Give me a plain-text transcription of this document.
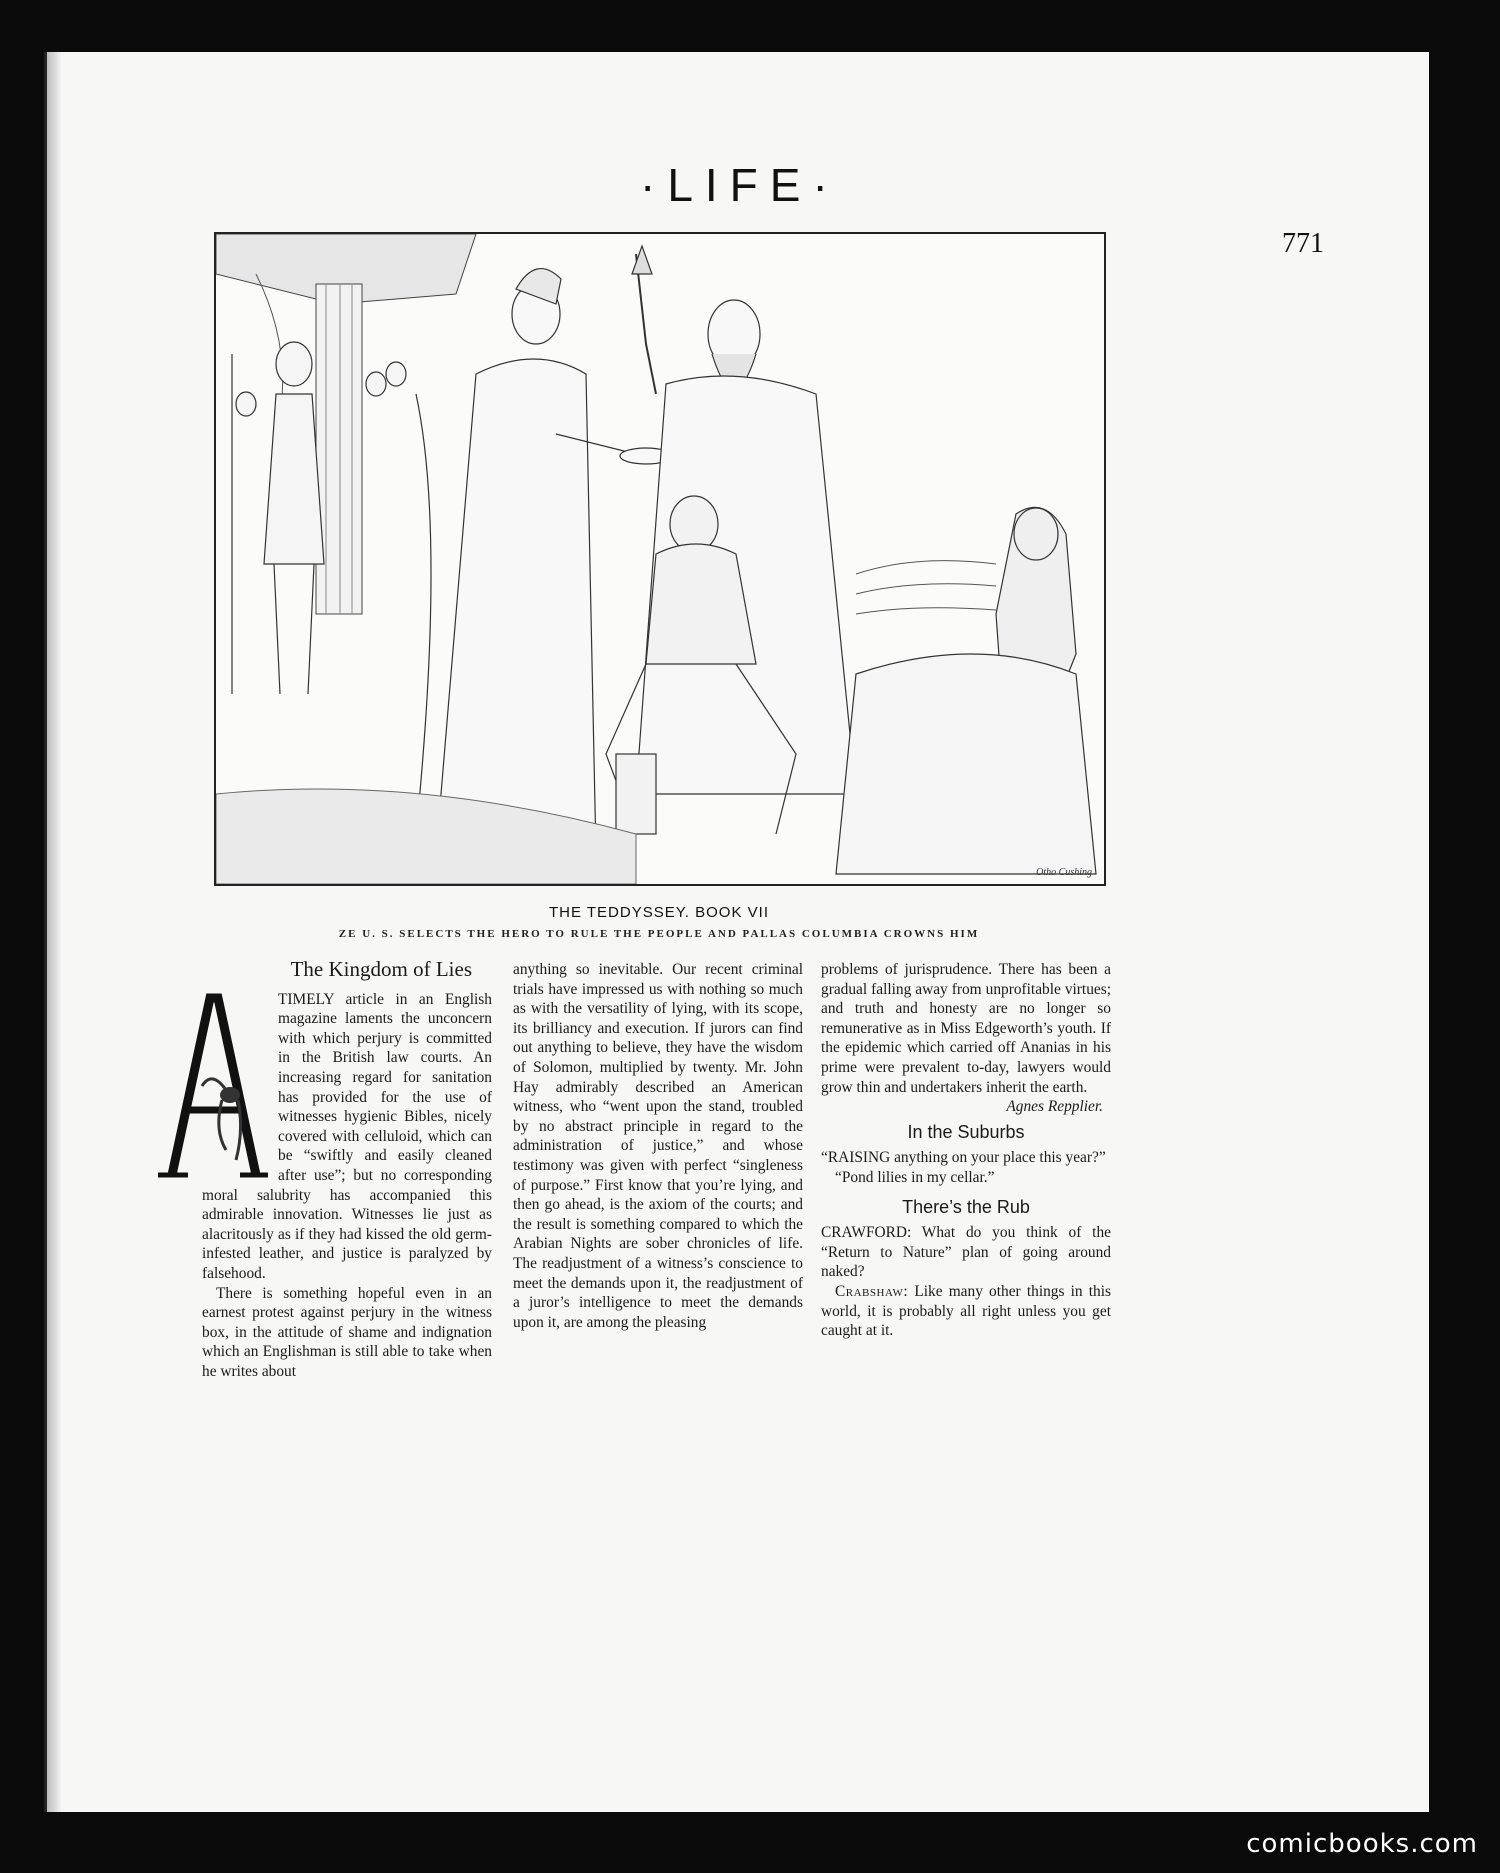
·LIFE·
771
Otho Cushing
THE TEDDYSSEY. BOOK VII
ZE U. S. SELECTS THE HERO TO RULE THE PEOPLE AND PALLAS COLUMBIA CROWNS HIM
The Kingdom of Lies

TIMELY article in an English magazine laments the unconcern with which perjury is committed in the British law courts. An increasing regard for sanitation has provided for the use of witnesses hygienic Bibles, nicely covered with celluloid, which can be “swiftly and easily cleaned after use”; but no corresponding moral salubrity has accompanied this admirable innovation. Witnesses lie just as alacritously as if they had kissed the old germ-infested leather, and justice is paralyzed by falsehood.

There is something hopeful even in an earnest protest against perjury in the witness box, in the attitude of shame and indignation which an Englishman is still able to take when he writes about

anything so inevitable. Our recent criminal trials have impressed us with nothing so much as with the versatility of lying, with its scope, its brilliancy and execution. If jurors can find out anything to believe, they have the wisdom of Solomon, multiplied by twenty. Mr. John Hay admirably described an American witness, who “went upon the stand, troubled by no abstract principle in regard to the administration of justice,” and whose testimony was given with perfect “singleness of purpose.” First know that you’re lying, and then go ahead, is the axiom of the courts; and the result is something compared to which the Arabian Nights are sober chronicles of life. The readjustment of a witness’s conscience to meet the demands upon it, the readjustment of a juror’s intelligence to meet the demands upon it, are among the pleasing

problems of jurisprudence. There has been a gradual falling away from unprofitable virtues; and truth and honesty are no longer so remunerative as in Miss Edgeworth’s youth. If the epidemic which carried off Ananias in his prime were prevalent to-day, lawyers would grow thin and undertakers inherit the earth.

Agnes Repplier.
In the Suburbs

“RAISING anything on your place this year?”

“Pond lilies in my cellar.”

There’s the Rub

CRAWFORD: What do you think of the “Return to Nature” plan of going around naked?

Crabshaw: Like many other things in this world, it is probably all right unless you get caught at it.

comicbooks.com
